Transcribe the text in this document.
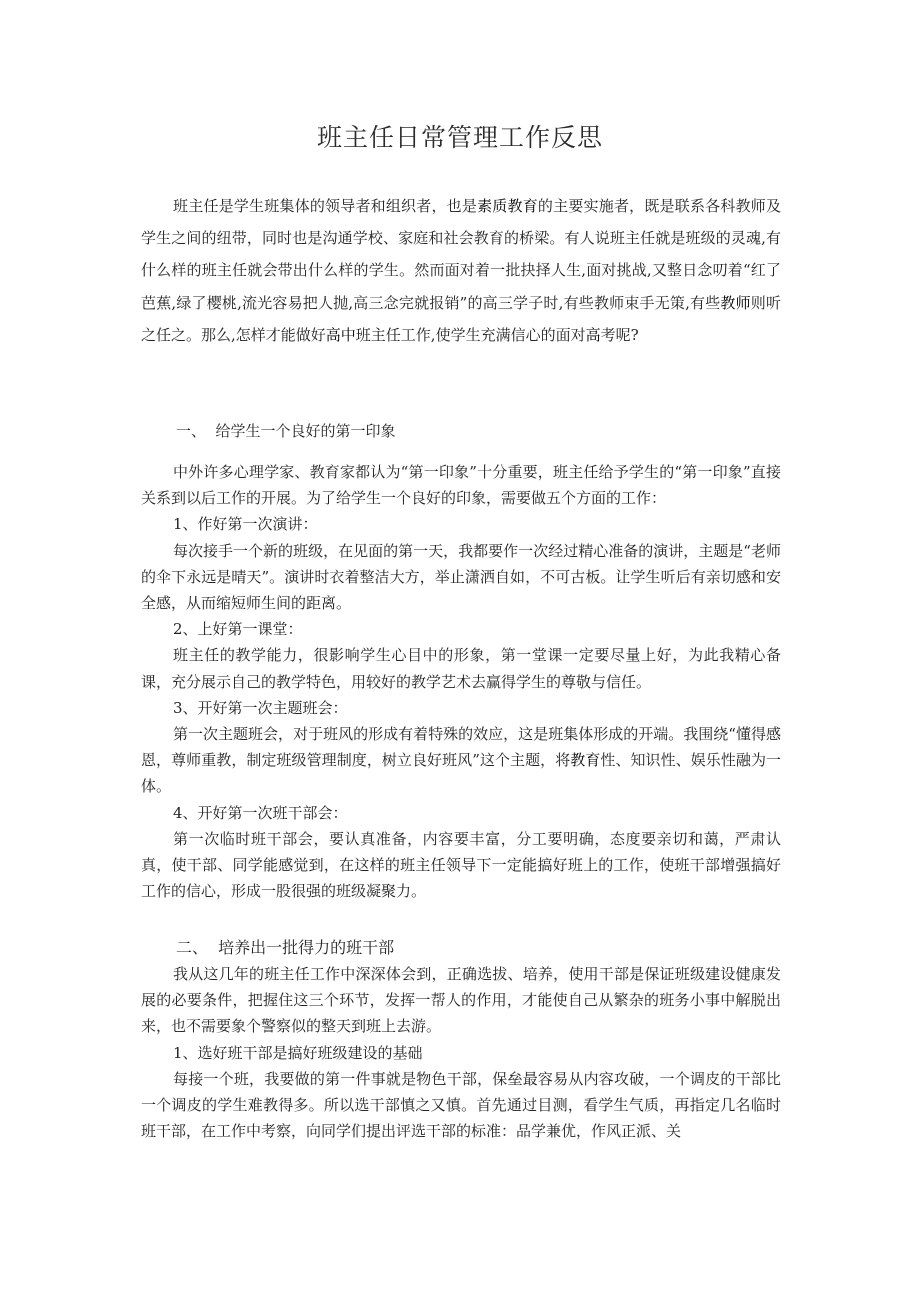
班主任日常管理工作反思

班主任是学生班集体的领导者和组织者，也是素质教育的主要实施者，既是联系各科教师及学生之间的纽带，同时也是沟通学校、家庭和社会教育的桥梁。有人说班主任就是班级的灵魂,有什么样的班主任就会带出什么样的学生。然而面对着一批抉择人生,面对挑战,又整日念叨着“红了芭蕉,绿了樱桃,流光容易把人抛,高三念完就报销”的高三学子时,有些教师束手无策,有些教师则听之任之。那么,怎样才能做好高中班主任工作,使学生充满信心的面对高考呢?

一、  给学生一个良好的第一印象

中外许多心理学家、教育家都认为“第一印象”十分重要，班主任给予学生的“第一印象”直接关系到以后工作的开展。为了给学生一个良好的印象，需要做五个方面的工作：

1、作好第一次演讲：

每次接手一个新的班级，在见面的第一天，我都要作一次经过精心准备的演讲，主题是“老师的伞下永远是晴天”。演讲时衣着整洁大方，举止潇洒自如，不可古板。让学生听后有亲切感和安全感，从而缩短师生间的距离。

2、上好第一课堂：

班主任的教学能力，很影响学生心目中的形象，第一堂课一定要尽量上好，为此我精心备课，充分展示自己的教学特色，用较好的教学艺术去赢得学生的尊敬与信任。

3、开好第一次主题班会：

第一次主题班会，对于班风的形成有着特殊的效应，这是班集体形成的开端。我围绕“懂得感恩，尊师重教，制定班级管理制度，树立良好班风”这个主题，将教育性、知识性、娱乐性融为一体。

4、开好第一次班干部会：

第一次临时班干部会，要认真准备，内容要丰富，分工要明确，态度要亲切和蔼，严肃认真，使干部、同学能感觉到，在这样的班主任领导下一定能搞好班上的工作，使班干部增强搞好工作的信心，形成一股很强的班级凝聚力。

二、  培养出一批得力的班干部

我从这几年的班主任工作中深深体会到，正确选拔、培养，使用干部是保证班级建设健康发展的必要条件，把握住这三个环节，发挥一帮人的作用，才能使自己从繁杂的班务小事中解脱出来，也不需要象个警察似的整天到班上去游。

1、选好班干部是搞好班级建设的基础

每接一个班，我要做的第一件事就是物色干部，保垒最容易从内容攻破，一个调皮的干部比一个调皮的学生难教得多。所以选干部慎之又慎。首先通过目测，看学生气质，再指定几名临时班干部，在工作中考察，向同学们提出评选干部的标准：品学兼优，作风正派、关
